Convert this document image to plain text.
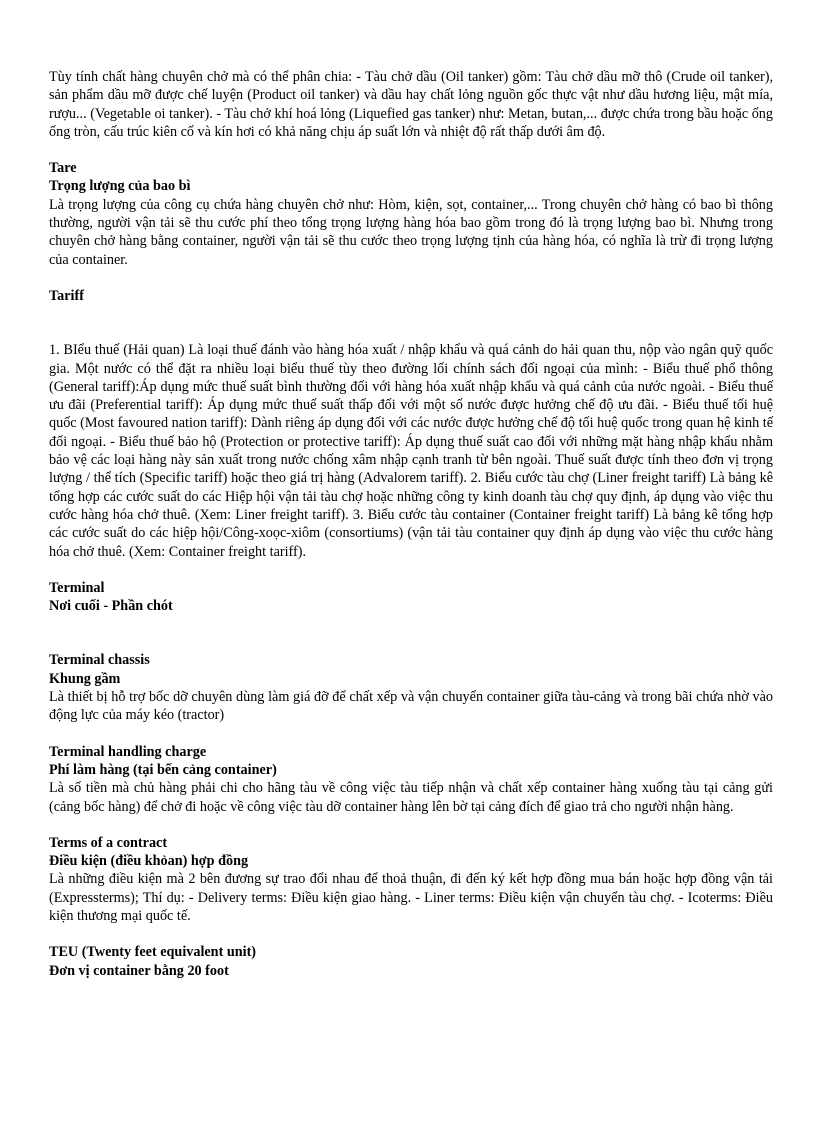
Tùy tính chất hàng chuyên chở mà có thể phân chia: - Tàu chở dầu (Oil tanker) gồm: Tàu chở dầu mỡ thô (Crude oil tanker), sản phẩm dầu mỡ được chế luyện (Product oil tanker) và dầu hay chất lỏng nguồn gốc thực vật như dầu hương liệu, mật mía, rượu... (Vegetable oi tanker). - Tàu chở khí hoá lỏng (Liquefied gas tanker) như: Metan, butan,... được chứa trong bầu hoặc ống ống tròn, cấu trúc kiên cố và kín hơi có khả năng chịu áp suất lớn và nhiệt độ rất thấp dưới âm độ.

Tare

Trọng lượng của bao bì

Là trọng lượng của công cụ chứa hàng chuyên chở như: Hòm, kiện, sọt, container,... Trong chuyên chở hàng có bao bì thông thường, người vận tải sẽ thu cước phí theo tổng trọng lượng hàng hóa bao gồm trong đó là trọng lượng bao bì. Nhưng trong chuyên chở hàng bằng container, người vận tải sẽ thu cước theo trọng lượng tịnh của hàng hóa, có nghĩa là trừ đi trọng lượng của container.

Tariff

1. BIểu thuế (Hải quan) Là loại thuế đánh vào hàng hóa xuất / nhập khẩu và quá cảnh do hải quan thu, nộp vào ngân quỹ quốc gia. Một nước có thể đặt ra nhiều loại biểu thuế tùy theo đường lối chính sách đối ngoại của mình: - Biểu thuế phổ thông (General tariff):Áp dụng mức thuế suất bình thường đối với hàng hóa xuất nhập khẩu và quá cảnh của nước ngoài. - Biểu thuế ưu đãi (Preferential tariff): Áp dụng mức thuế suất thấp đối với một số nước được hưởng chế độ ưu đãi. - Biểu thuế tối huệ quốc (Most favoured nation tariff): Dành riêng áp dụng đối với các nước được hưởng chế độ tối huệ quốc trong quan hệ kinh tế đối ngoại. - Biểu thuế bảo hộ (Protection or protective tariff): Áp dụng thuế suất cao đối với những mặt hàng nhập khẩu nhằm bảo vệ các loại hàng này sản xuất trong nước chống xâm nhập cạnh tranh từ bên ngoài. Thuế suất được tính theo đơn vị trọng lượng / thể tích (Specific tariff) hoặc theo giá trị hàng (Advalorem tariff). 2. Biểu cước tàu chợ (Liner freight tariff) Là bảng kê tổng hợp các cước suất do các Hiệp hội vận tải tàu chợ hoặc những công ty kinh doanh tàu chợ quy định, áp dụng vào việc thu cước hàng hóa chở thuê. (Xem: Liner freight tariff). 3. Biểu cước tàu container (Container freight tariff) Là bảng kê tổng hợp các cước suất do các hiệp hội/Công-xoọc-xiôm (consortiums) (vận tải tàu container quy định áp dụng vào việc thu cước hàng hóa chở thuê. (Xem: Container freight tariff).

Terminal

Nơi cuối - Phần chót

Terminal chassis

Khung gầm

Là thiết bị hỗ trợ bốc dỡ chuyên dùng làm giá đỡ để chất xếp và vận chuyển container giữa tàu-cảng và trong bãi chứa nhờ vào động lực của máy kéo (tractor)

Terminal handling charge

Phí làm hàng (tại bến cảng container)

Là số tiền mà chủ hàng phải chi cho hãng tàu về công việc tàu tiếp nhận và chất xếp container hàng xuống tàu tại cảng gửi (cảng bốc hàng) để chở đi hoặc về công việc tàu dỡ container hàng lên bờ tại cảng đích để giao trả cho người nhận hàng.

Terms of a contract

Điều kiện (điều khỏan) hợp đồng

Là những điều kiện mà 2 bên đương sự trao đổi nhau để thoả thuận, đi đến ký kết hợp đồng mua bán hoặc hợp đồng vận tải (Expressterms); Thí dụ: - Delivery terms: Điều kiện giao hàng. - Liner terms: Điều kiện vận chuyển tàu chợ. - Icoterms: Điều kiện thương mại quốc tế.

TEU (Twenty feet equivalent unit)

Đơn vị container bằng 20 foot
